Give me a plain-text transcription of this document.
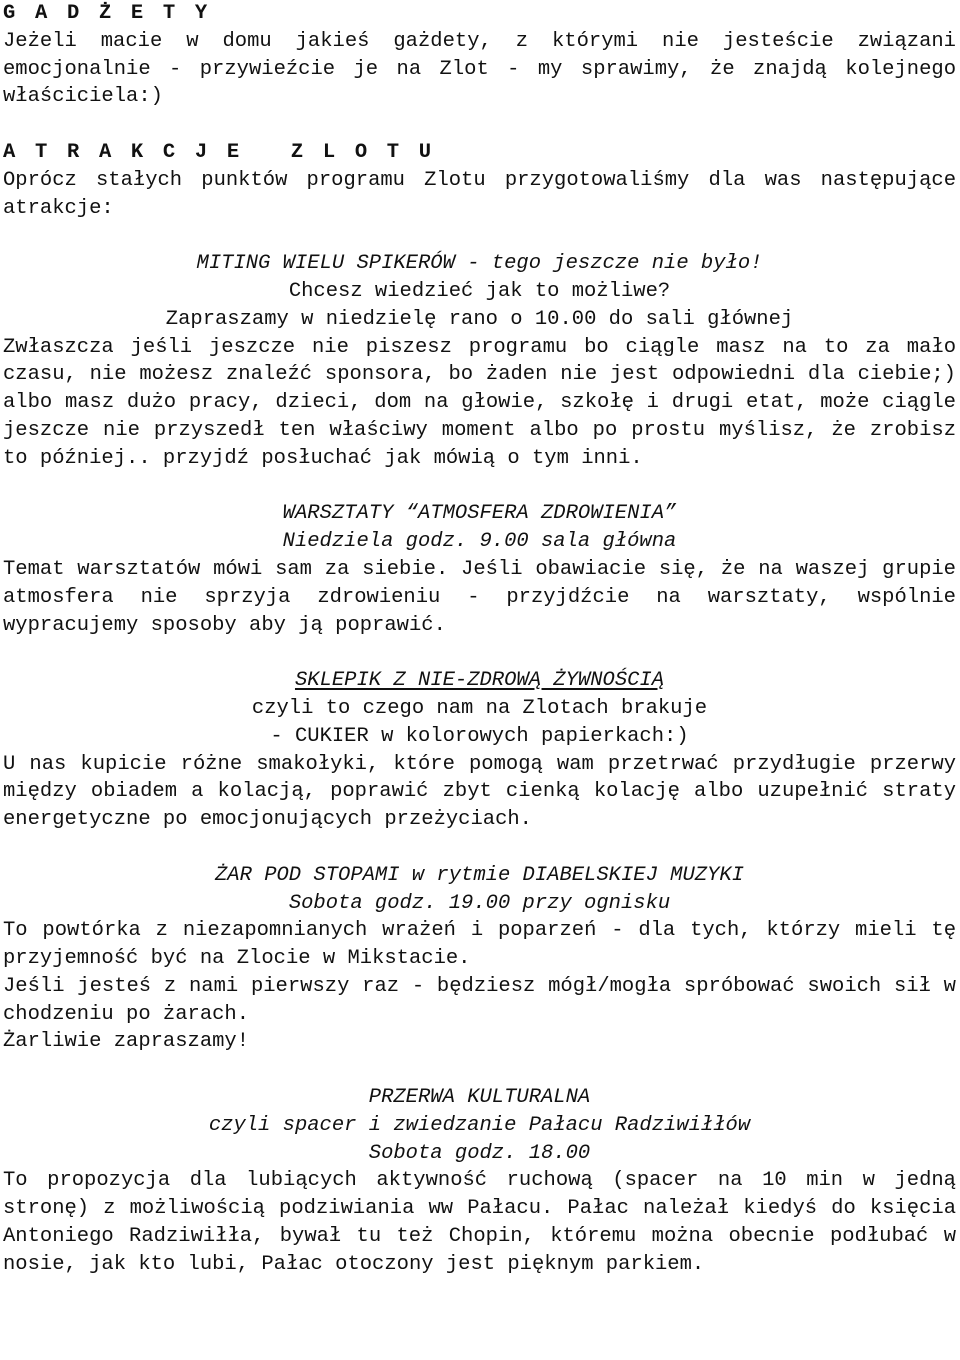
G A D Ż E T Y

Jeżeli macie w domu jakieś gażdety, z którymi nie jesteście związani emocjonalnie - przywieźcie je na Zlot - my sprawimy, że znajdą kolejnego właściciela:)

A T R A K C J E   Z L O T U

Oprócz stałych punktów programu Zlotu przygotowaliśmy dla was następujące atrakcje:

MITING WIELU SPIKERÓW - tego jeszcze nie było!
Chcesz wiedzieć jak to możliwe?
Zapraszamy w niedzielę rano o 10.00 do sali głównej

Zwłaszcza jeśli jeszcze nie piszesz programu bo ciągle masz na to za mało czasu, nie możesz znaleźć sponsora, bo żaden nie jest odpowiedni dla ciebie;) albo masz dużo pracy, dzieci, dom na głowie, szkołę i drugi etat, może ciągle jeszcze nie przyszedł ten właściwy moment albo po prostu myślisz, że zrobisz to później.. przyjdź posłuchać jak mówią o tym inni.

WARSZTATY “ATMOSFERA ZDROWIENIA”
Niedziela godz. 9.00 sala główna

Temat warsztatów mówi sam za siebie. Jeśli obawiacie się, że na waszej grupie atmosfera nie sprzyja zdrowieniu - przyjdźcie na warsztaty, wspólnie wypracujemy sposoby aby ją poprawić.

SKLEPIK Z NIE-ZDROWĄ ŻYWNOŚCIĄ
czyli to czego nam na Zlotach brakuje
- CUKIER w kolorowych papierkach:)

U nas kupicie różne smakołyki, które pomogą wam przetrwać przydługie przerwy między obiadem a kolacją, poprawić zbyt cienką kolację albo uzupełnić straty energetyczne po emocjonujących przeżyciach.

ŻAR POD STOPAMI w rytmie DIABELSKIEJ MUZYKI
Sobota godz. 19.00 przy ognisku

To powtórka z niezapomnianych wrażeń i poparzeń - dla tych, którzy mieli tę przyjemność być na Zlocie w Mikstacie.

Jeśli jesteś z nami pierwszy raz - będziesz mógł/mogła spróbować swoich sił w chodzeniu po żarach.

Żarliwie zapraszamy!

PRZERWA KULTURALNA
czyli spacer i zwiedzanie Pałacu Radziwiłłów
Sobota godz. 18.00

To propozycja dla lubiących aktywność ruchową (spacer na 10 min w jedną stronę) z możliwością podziwiania ww Pałacu. Pałac należał kiedyś do księcia Antoniego Radziwiłła, bywał tu też Chopin, któremu można obecnie podłubać w nosie, jak kto lubi, Pałac otoczony jest pięknym parkiem.
